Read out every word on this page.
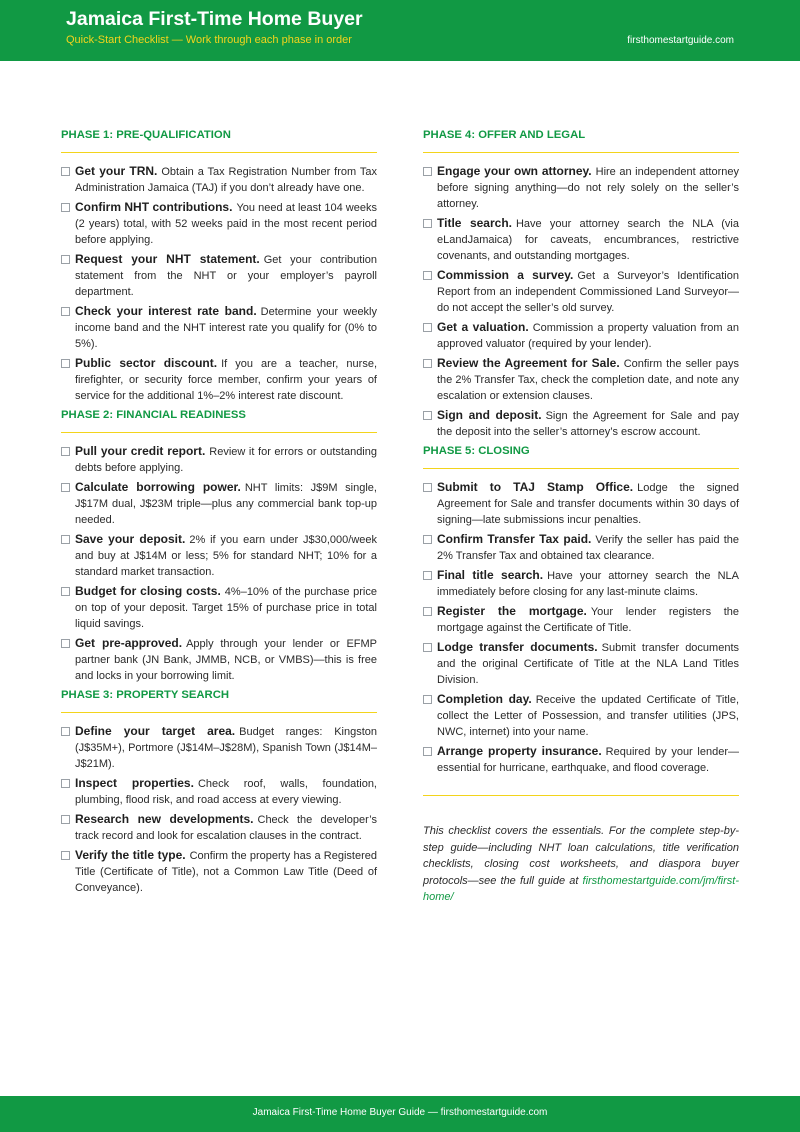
Jamaica First-Time Home Buyer
Quick-Start Checklist — Work through each phase in order	firsthomestartguide.com
PHASE 1: PRE-QUALIFICATION
Get your TRN. Obtain a Tax Registration Number from Tax Administration Jamaica (TAJ) if you don’t already have one.
Confirm NHT contributions. You need at least 104 weeks (2 years) total, with 52 weeks paid in the most recent period before applying.
Request your NHT statement. Get your contribution statement from the NHT or your employer’s payroll department.
Check your interest rate band. Determine your weekly income band and the NHT interest rate you qualify for (0% to 5%).
Public sector discount. If you are a teacher, nurse, firefighter, or security force member, confirm your years of service for the additional 1%–2% interest rate discount.
PHASE 2: FINANCIAL READINESS
Pull your credit report. Review it for errors or outstanding debts before applying.
Calculate borrowing power. NHT limits: J$9M single, J$17M dual, J$23M triple—plus any commercial bank top-up needed.
Save your deposit. 2% if you earn under J$30,000/week and buy at J$14M or less; 5% for standard NHT; 10% for a standard market transaction.
Budget for closing costs. 4%–10% of the purchase price on top of your deposit. Target 15% of purchase price in total liquid savings.
Get pre-approved. Apply through your lender or EFMP partner bank (JN Bank, JMMB, NCB, or VMBS)—this is free and locks in your borrowing limit.
PHASE 3: PROPERTY SEARCH
Define your target area. Budget ranges: Kingston (J$35M+), Portmore (J$14M–J$28M), Spanish Town (J$14M–J$21M).
Inspect properties. Check roof, walls, foundation, plumbing, flood risk, and road access at every viewing.
Research new developments. Check the developer’s track record and look for escalation clauses in the contract.
Verify the title type. Confirm the property has a Registered Title (Certificate of Title), not a Common Law Title (Deed of Conveyance).
PHASE 4: OFFER AND LEGAL
Engage your own attorney. Hire an independent attorney before signing anything—do not rely solely on the seller’s attorney.
Title search. Have your attorney search the NLA (via eLandJamaica) for caveats, encumbrances, restrictive covenants, and outstanding mortgages.
Commission a survey. Get a Surveyor’s Identification Report from an independent Commissioned Land Surveyor—do not accept the seller’s old survey.
Get a valuation. Commission a property valuation from an approved valuator (required by your lender).
Review the Agreement for Sale. Confirm the seller pays the 2% Transfer Tax, check the completion date, and note any escalation or extension clauses.
Sign and deposit. Sign the Agreement for Sale and pay the deposit into the seller’s attorney’s escrow account.
PHASE 5: CLOSING
Submit to TAJ Stamp Office. Lodge the signed Agreement for Sale and transfer documents within 30 days of signing—late submissions incur penalties.
Confirm Transfer Tax paid. Verify the seller has paid the 2% Transfer Tax and obtained tax clearance.
Final title search. Have your attorney search the NLA immediately before closing for any last-minute claims.
Register the mortgage. Your lender registers the mortgage against the Certificate of Title.
Lodge transfer documents. Submit transfer documents and the original Certificate of Title at the NLA Land Titles Division.
Completion day. Receive the updated Certificate of Title, collect the Letter of Possession, and transfer utilities (JPS, NWC, internet) into your name.
Arrange property insurance. Required by your lender—essential for hurricane, earthquake, and flood coverage.
This checklist covers the essentials. For the complete step-by-step guide—including NHT loan calculations, title verification checklists, closing cost worksheets, and diaspora buyer protocols—see the full guide at firsthomestartguide.com/jm/first-home/
Jamaica First-Time Home Buyer Guide — firsthomestartguide.com
